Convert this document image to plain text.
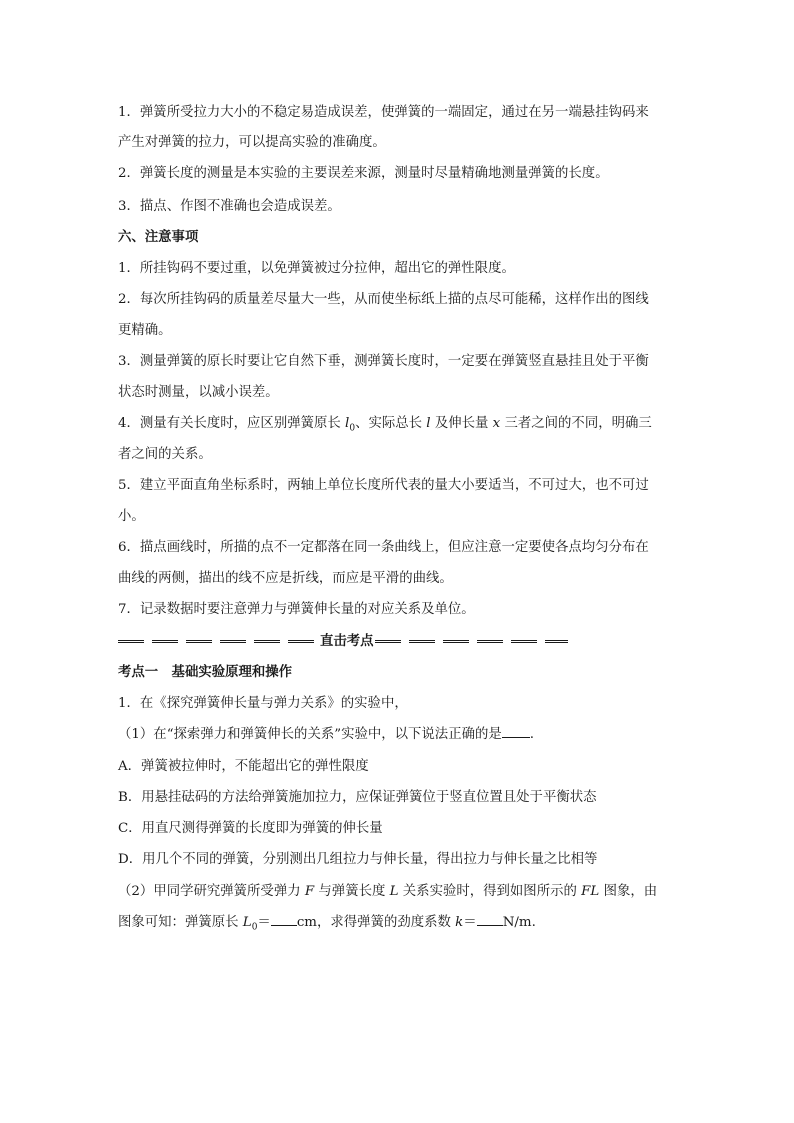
1．弹簧所受拉力大小的不稳定易造成误差，使弹簧的一端固定，通过在另一端悬挂钩码来
产生对弹簧的拉力，可以提高实验的准确度。
2．弹簧长度的测量是本实验的主要误差来源，测量时尽量精确地测量弹簧的长度。
3．描点、作图不准确也会造成误差。
六、注意事项
1．所挂钩码不要过重，以免弹簧被过分拉伸，超出它的弹性限度。
2．每次所挂钩码的质量差尽量大一些，从而使坐标纸上描的点尽可能稀，这样作出的图线
更精确。
3．测量弹簧的原长时要让它自然下垂，测弹簧长度时，一定要在弹簧竖直悬挂且处于平衡
状态时测量，以减小误差。
4．测量有关长度时，应区别弹簧原长 $l_0$、实际总长 l 及伸长量 x 三者之间的不同，明确三
者之间的关系。
5．建立平面直角坐标系时，两轴上单位长度所代表的量大小要适当，不可过大，也不可过
小。
6．描点画线时，所描的点不一定都落在同一条曲线上，但应注意一定要使各点均匀分布在
曲线的两侧，描出的线不应是折线，而应是平滑的曲线。
7．记录数据时要注意弹力与弹簧伸长量的对应关系及单位。
直击考点
考点一　基础实验原理和操作
1．在《探究弹簧伸长量与弹力关系》的实验中，
（1）在“探索弹力和弹簧伸长的关系”实验中，以下说法正确的是 .
A．弹簧被拉伸时，不能超出它的弹性限度
B．用悬挂砝码的方法给弹簧施加拉力，应保证弹簧位于竖直位置且处于平衡状态
C．用直尺测得弹簧的长度即为弹簧的伸长量
D．用几个不同的弹簧，分别测出几组拉力与伸长量，得出拉力与伸长量之比相等
（2）甲同学研究弹簧所受弹力 F 与弹簧长度 L 关系实验时，得到如图所示的 FL 图象，由
图象可知：弹簧原长 $L_0=$ cm，求得弹簧的劲度系数 k＝ N/m.
